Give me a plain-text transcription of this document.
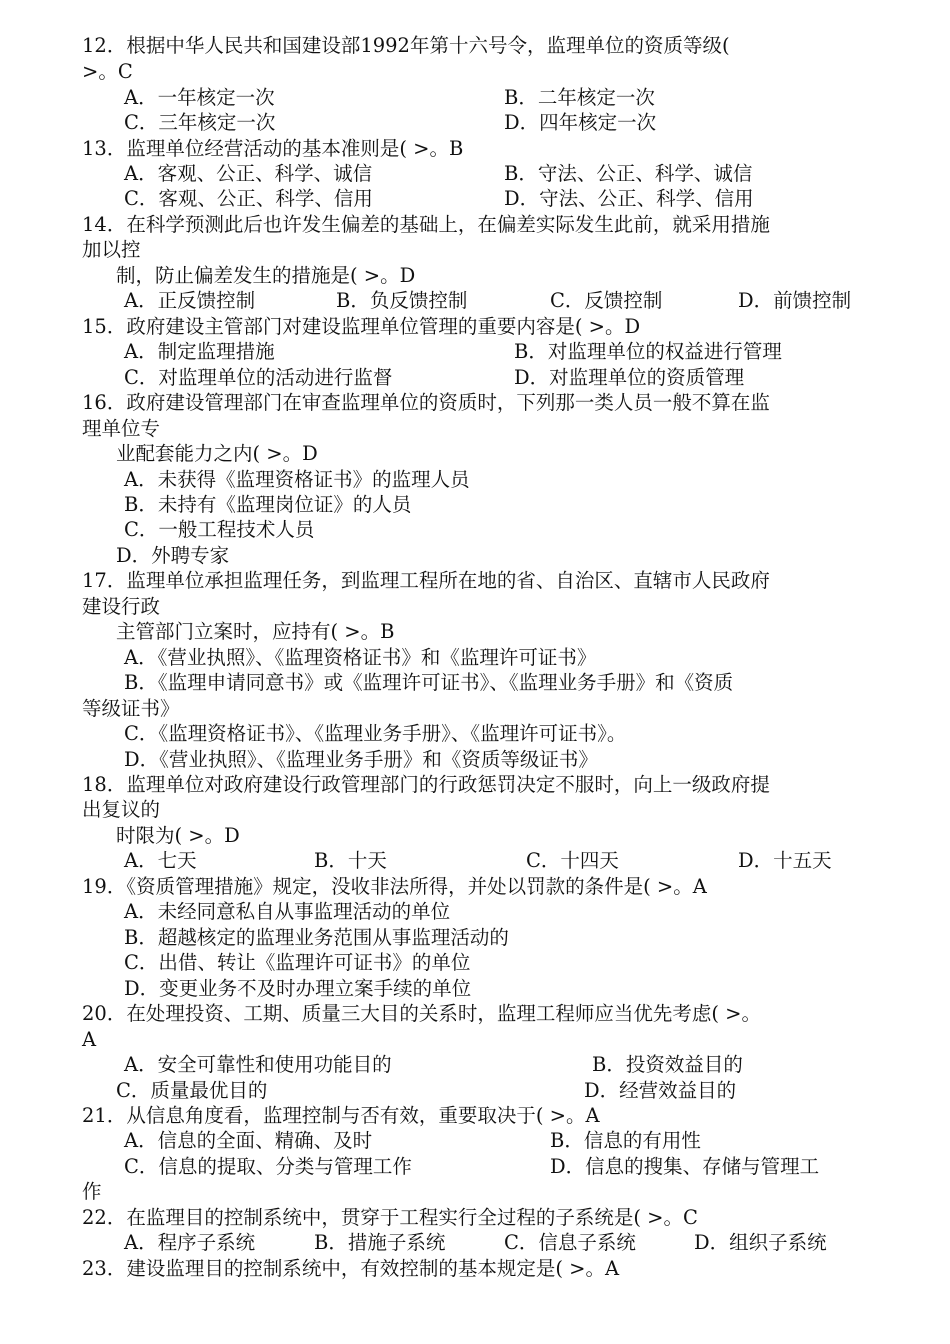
12．根据中华人民共和国建设部1992年第十六号令，监理单位的资质等级(
>。C
A．一年核定一次	B．二年核定一次
C．三年核定一次	D．四年核定一次
13．监理单位经营活动的基本准则是( >。B
A．客观、公正、科学、诚信	B．守法、公正、科学、诚信
C．客观、公正、科学、信用	D．守法、公正、科学、信用
14．在科学预测此后也许发生偏差的基础上，在偏差实际发生此前，就采用措施
加以控
制，防止偏差发生的措施是( >。D
A．正反馈控制	B．负反馈控制	C．反馈控制	D．前馈控制
15．政府建设主管部门对建设监理单位管理的重要内容是( >。D
A．制定监理措施	B．对监理单位的权益进行管理
C．对监理单位的活动进行监督	D．对监理单位的资质管理
16．政府建设管理部门在审查监理单位的资质时，下列那一类人员一般不算在监
理单位专
业配套能力之内( >。D
A．未获得《监理资格证书》的监理人员
B．未持有《监理岗位证》的人员
C．一般工程技术人员
D．外聘专家
17．监理单位承担监理任务，到监理工程所在地的省、自治区、直辖市人民政府
建设行政
主管部门立案时，应持有( >。B
A．《营业执照》、《监理资格证书》和《监理许可证书》
B．《监理申请同意书》或《监理许可证书》、《监理业务手册》和《资质
等级证书》
C．《监理资格证书》、《监理业务手册》、《监理许可证书》。
D．《营业执照》、《监理业务手册》和《资质等级证书》
18．监理单位对政府建设行政管理部门的行政惩罚决定不服时，向上一级政府提
出复议的
时限为( >。D
A．七天	B．十天	C．十四天	D．十五天
19．《资质管理措施》规定，没收非法所得，并处以罚款的条件是( >。A
A．未经同意私自从事监理活动的单位
B．超越核定的监理业务范围从事监理活动的
C．出借、转让《监理许可证书》的单位
D．变更业务不及时办理立案手续的单位
20．在处理投资、工期、质量三大目的关系时，监理工程师应当优先考虑( >。
A
A．安全可靠性和使用功能目的	B．投资效益目的
C．质量最优目的	D．经营效益目的
21．从信息角度看，监理控制与否有效，重要取决于( >。A
A．信息的全面、精确、及时	B．信息的有用性
C．信息的提取、分类与管理工作	D．信息的搜集、存储与管理工
作
22．在监理目的控制系统中，贯穿于工程实行全过程的子系统是( >。C
A．程序子系统	B．措施子系统	C．信息子系统	D．组织子系统
23．建设监理目的控制系统中，有效控制的基本规定是( >。A
